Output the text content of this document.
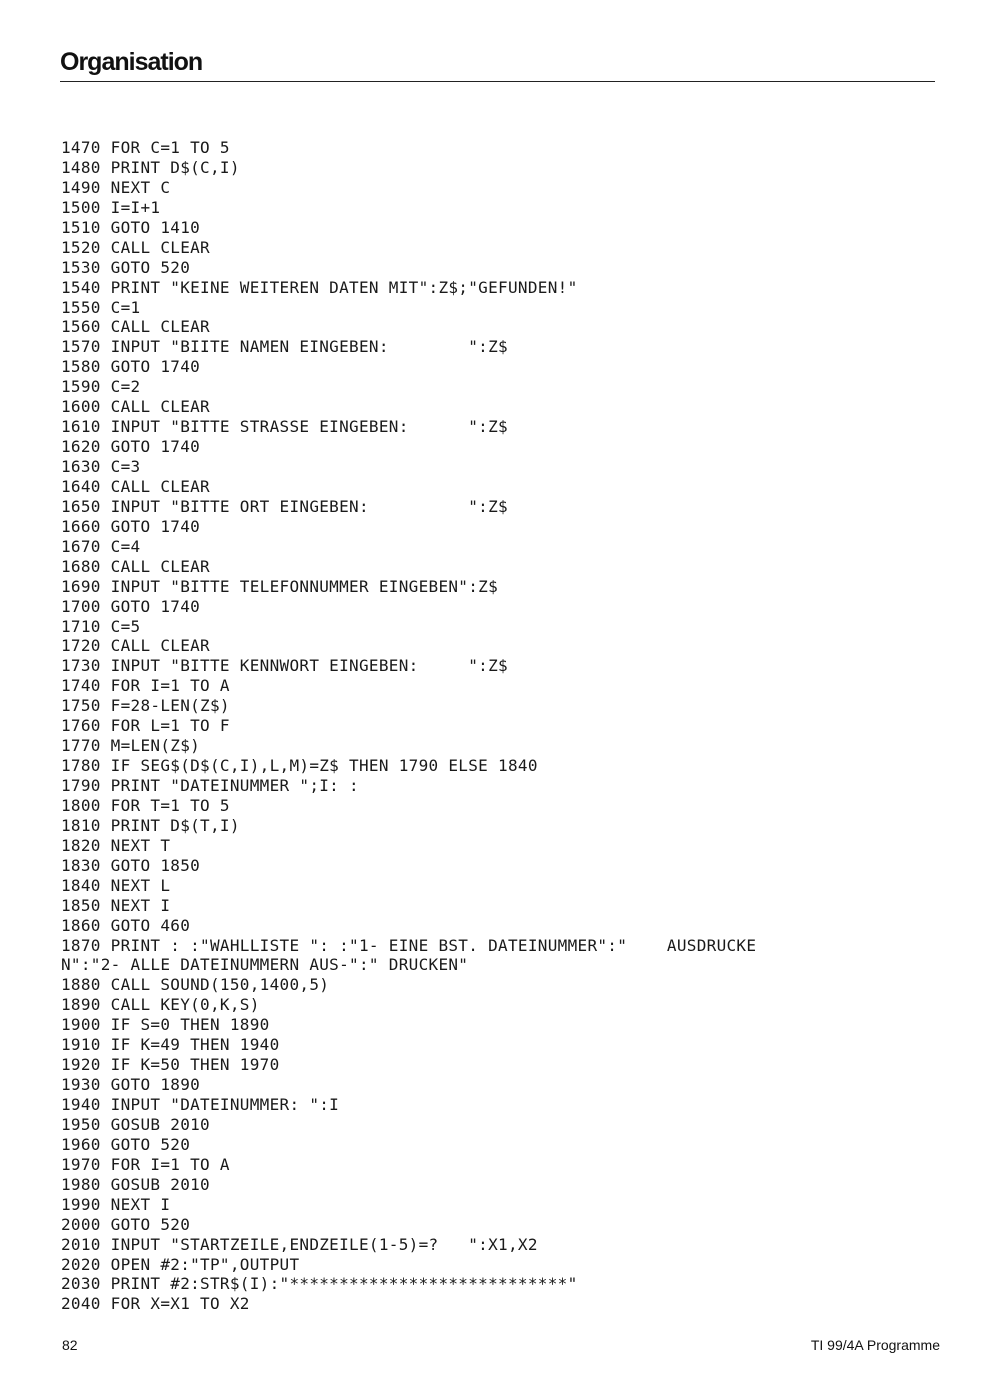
Organisation
1470 FOR C=1 TO 5
1480 PRINT D$(C,I)
1490 NEXT C
1500 I=I+1
1510 GOTO 1410
1520 CALL CLEAR
1530 GOTO 520
1540 PRINT "KEINE WEITEREN DATEN MIT":Z$;"GEFUNDEN!"
1550 C=1
1560 CALL CLEAR
1570 INPUT "BIITE NAMEN EINGEBEN:        ":Z$
1580 GOTO 1740
1590 C=2
1600 CALL CLEAR
1610 INPUT "BITTE STRASSE EINGEBEN:      ":Z$
1620 GOTO 1740
1630 C=3
1640 CALL CLEAR
1650 INPUT "BITTE ORT EINGEBEN:          ":Z$
1660 GOTO 1740
1670 C=4
1680 CALL CLEAR
1690 INPUT "BITTE TELEFONNUMMER EINGEBEN":Z$
1700 GOTO 1740
1710 C=5
1720 CALL CLEAR
1730 INPUT "BITTE KENNWORT EINGEBEN:     ":Z$
1740 FOR I=1 TO A
1750 F=28-LEN(Z$)
1760 FOR L=1 TO F
1770 M=LEN(Z$)
1780 IF SEG$(D$(C,I),L,M)=Z$ THEN 1790 ELSE 1840
1790 PRINT "DATEINUMMER ";I: :
1800 FOR T=1 TO 5
1810 PRINT D$(T,I)
1820 NEXT T
1830 GOTO 1850
1840 NEXT L
1850 NEXT I
1860 GOTO 460
1870 PRINT : :"WAHLLISTE ": :"1- EINE BST. DATEINUMMER":"    AUSDRUCKE
N":"2- ALLE DATEINUMMERN AUS-":" DRUCKEN"
1880 CALL SOUND(150,1400,5)
1890 CALL KEY(0,K,S)
1900 IF S=0 THEN 1890
1910 IF K=49 THEN 1940
1920 IF K=50 THEN 1970
1930 GOTO 1890
1940 INPUT "DATEINUMMER: ":I
1950 GOSUB 2010
1960 GOTO 520
1970 FOR I=1 TO A
1980 GOSUB 2010
1990 NEXT I
2000 GOTO 520
2010 INPUT "STARTZEILE,ENDZEILE(1-5)=?   ":X1,X2
2020 OPEN #2:"TP",OUTPUT
2030 PRINT #2:STR$(I):"****************************"
2040 FOR X=X1 TO X2
82	TI 99/4A Programme
